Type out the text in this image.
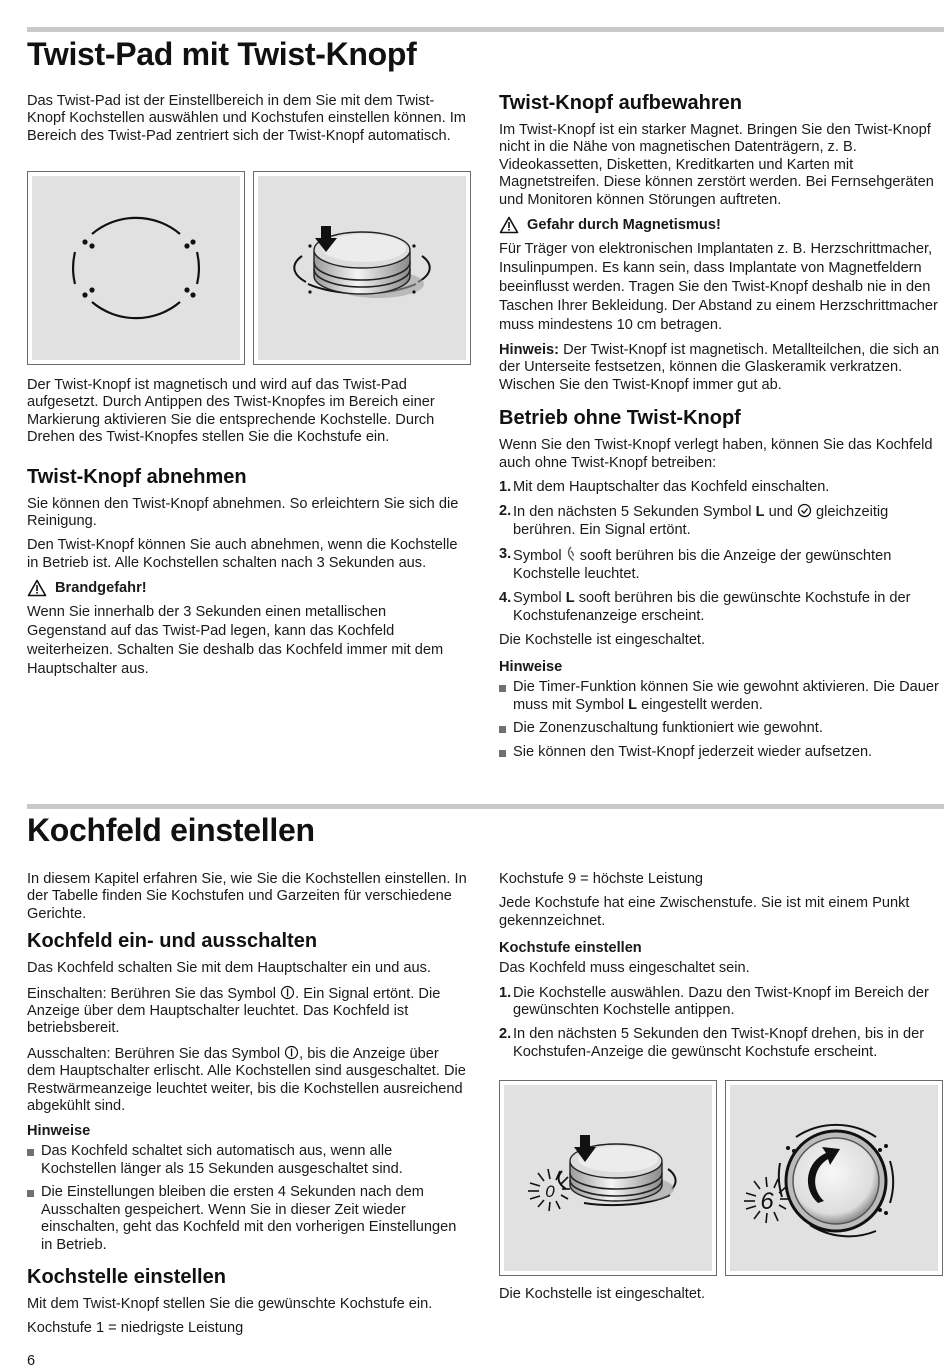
Twist-Pad mit Twist-Knopf

Das Twist-Pad ist der Einstellbereich in dem Sie mit dem Twist-Knopf Kochstellen auswählen und Kochstufen einstellen können. Im Bereich des Twist-Pad zentriert sich der Twist-Knopf automatisch.

Der Twist-Knopf ist magnetisch und wird auf das Twist-Pad aufgesetzt. Durch Antippen des Twist-Knopfes im Bereich einer Markierung aktivieren Sie die entsprechende Kochstelle. Durch Drehen des Twist-Knopfes stellen Sie die Kochstufe ein.

Twist-Knopf abnehmen

Sie können den Twist-Knopf abnehmen. So erleichtern Sie sich die Reinigung.

Den Twist-Knopf können Sie auch abnehmen, wenn die Kochstelle in Betrieb ist. Alle Kochstellen schalten nach 3 Sekunden aus.

Brandgefahr!

Wenn Sie innerhalb der 3 Sekunden einen metallischen Gegenstand auf das Twist-Pad legen, kann das Kochfeld weiterheizen. Schalten Sie deshalb das Kochfeld immer mit dem Hauptschalter aus.

Twist-Knopf aufbewahren

Im Twist-Knopf ist ein starker Magnet. Bringen Sie den Twist-Knopf nicht in die Nähe von magnetischen Datenträgern, z. B. Videokassetten, Disketten, Kreditkarten und Karten mit Magnetstreifen. Diese können zerstört werden. Bei Fernsehgeräten und Monitoren können Störungen auftreten.

Gefahr durch Magnetismus!

Für Träger von elektronischen Implantaten z. B. Herzschrittmacher, Insulinpumpen. Es kann sein, dass Implantate von Magnetfeldern beeinflusst werden. Tragen Sie den Twist-Knopf deshalb nie in den Taschen Ihrer Bekleidung. Der Abstand zu einem Herzschrittmacher muss mindestens 10 cm betragen.

Hinweis: Der Twist-Knopf ist magnetisch. Metallteilchen, die sich an der Unterseite festsetzen, können die Glaskeramik verkratzen. Wischen Sie den Twist-Knopf immer gut ab.

Betrieb ohne Twist-Knopf

Wenn Sie den Twist-Knopf verlegt haben, können Sie das Kochfeld auch ohne Twist-Knopf betreiben:

1. Mit dem Hauptschalter das Kochfeld einschalten.
2. In den nächsten 5 Sekunden Symbol L und  gleichzeitig berühren. Ein Signal ertönt.
3. Symbol  sooft berühren bis die Anzeige der gewünschten Kochstelle leuchtet.
4. Symbol L sooft berühren bis die gewünschte Kochstufe in der Kochstufenanzeige erscheint.

Die Kochstelle ist eingeschaltet.

Hinweise
Die Timer-Funktion können Sie wie gewohnt aktivieren. Die Dauer muss mit Symbol L eingestellt werden.
Die Zonenzuschaltung funktioniert wie gewohnt.
Sie können den Twist-Knopf jederzeit wieder aufsetzen.
Kochfeld einstellen

In diesem Kapitel erfahren Sie, wie Sie die Kochstellen einstellen. In der Tabelle finden Sie Kochstufen und Garzeiten für verschiedene Gerichte.

Kochfeld ein- und ausschalten

Das Kochfeld schalten Sie mit dem Hauptschalter ein und aus.

Einschalten: Berühren Sie das Symbol . Ein Signal ertönt. Die Anzeige über dem Hauptschalter leuchtet. Das Kochfeld ist betriebsbereit.

Ausschalten: Berühren Sie das Symbol , bis die Anzeige über dem Hauptschalter erlischt. Alle Kochstellen sind ausgeschaltet. Die Restwärmeanzeige leuchtet weiter, bis die Kochstellen ausreichend abgekühlt sind.

Hinweise
Das Kochfeld schaltet sich automatisch aus, wenn alle Kochstellen länger als 15 Sekunden ausgeschaltet sind.
Die Einstellungen bleiben die ersten 4 Sekunden nach dem Ausschalten gespeichert. Wenn Sie in dieser Zeit wieder einschalten, geht das Kochfeld mit den vorherigen Einstellungen in Betrieb.
Kochstelle einstellen

Mit dem Twist-Knopf stellen Sie die gewünschte Kochstufe ein.

Kochstufe 1 = niedrigste Leistung

Kochstufe 9 = höchste Leistung

Jede Kochstufe hat eine Zwischenstufe. Sie ist mit einem Punkt gekennzeichnet.

Kochstufe einstellen

Das Kochfeld muss eingeschaltet sein.

1. Die Kochstelle auswählen. Dazu den Twist-Knopf im Bereich der gewünschten Kochstelle antippen.
2. In den nächsten 5 Sekunden den Twist-Knopf drehen, bis in der Kochstufen-Anzeige die gewünscht Kochstufe erscheint.
0	6

Die Kochstelle ist eingeschaltet.

6
